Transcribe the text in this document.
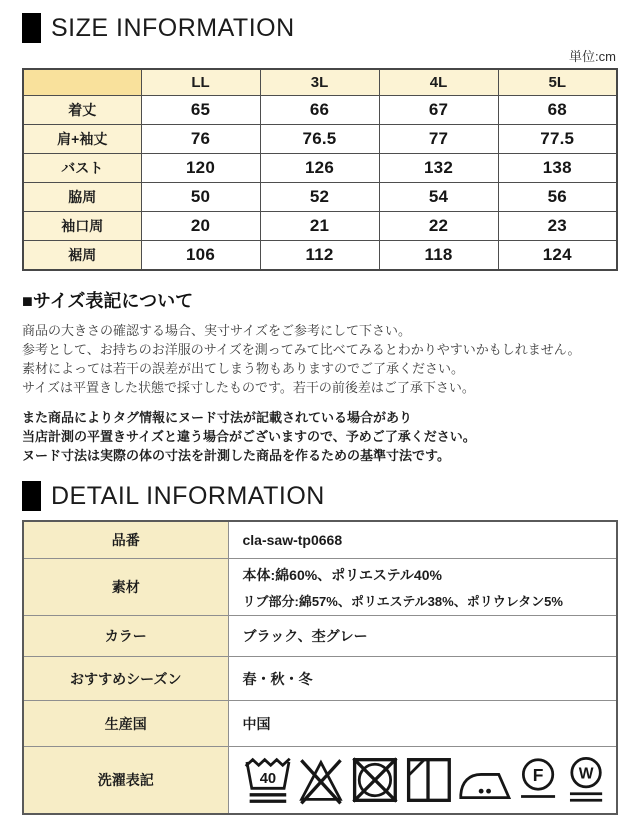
SIZE INFORMATION
単位:cm
	LL	3L	4L	5L
着丈	65	66	67	68
肩+袖丈	76	76.5	77	77.5
バスト	120	126	132	138
脇周	50	52	54	56
袖口周	20	21	22	23
裾周	106	112	118	124
■サイズ表記について
商品の大きさの確認する場合、実寸サイズをご参考にして下さい。
参考として、お持ちのお洋服のサイズを測ってみて比べてみるとわかりやすいかもしれません。
素材によっては若干の誤差が出てしまう物もありますのでご了承ください。
サイズは平置きした状態で採寸したものです。若干の前後差はご了承下さい。
また商品によりタグ情報にヌード寸法が記載されている場合があり
当店計測の平置きサイズと違う場合がございますので、予めご了承ください。
ヌード寸法は実際の体の寸法を計測した商品を作るための基準寸法です。
DETAIL INFORMATION
品番	cla-saw-tp0668
素材	本体:綿60%、ポリエステル40%
リブ部分:綿57%、ポリエステル38%、ポリウレタン5%

カラー	ブラック、杢グレー
おすすめシーズン	春・秋・冬
生産国	中国
洗濯表記	40 F W
